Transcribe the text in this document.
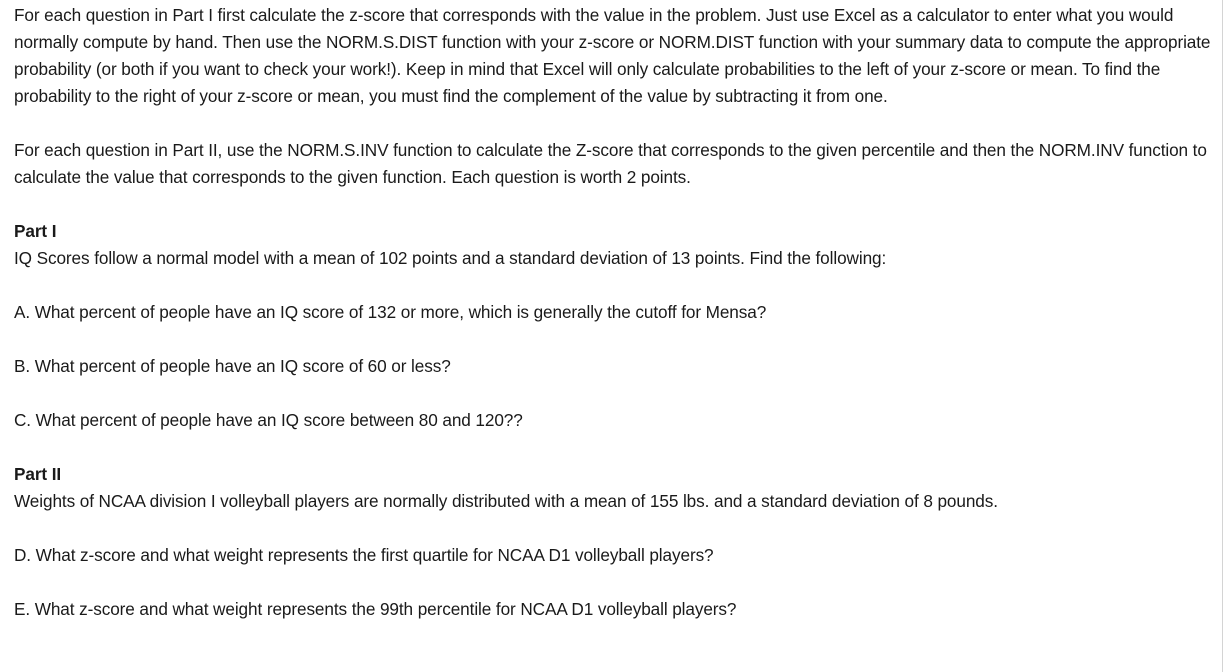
For each question in Part I first calculate the z-score that corresponds with the value in the problem. Just use Excel as a calculator to enter what you would normally compute by hand. Then use the NORM.S.DIST function with your z-score or NORM.DIST function with your summary data to compute the appropriate probability (or both if you want to check your work!). Keep in mind that Excel will only calculate probabilities to the left of your z-score or mean. To find the probability to the right of your z-score or mean, you must find the complement of the value by subtracting it from one.

For each question in Part II, use the NORM.S.INV function to calculate the Z-score that corresponds to the given percentile and then the NORM.INV function to calculate the value that corresponds to the given function. Each question is worth 2 points.

Part I

IQ Scores follow a normal model with a mean of 102 points and a standard deviation of 13 points. Find the following:

A. What percent of people have an IQ score of 132 or more, which is generally the cutoff for Mensa?

B. What percent of people have an IQ score of 60 or less?

C. What percent of people have an IQ score between 80 and 120??

Part II

Weights of NCAA division I volleyball players are normally distributed with a mean of 155 lbs. and a standard deviation of 8 pounds.

D. What z-score and what weight represents the first quartile for NCAA D1 volleyball players?

E. What z-score and what weight represents the 99th percentile for NCAA D1 volleyball players?
